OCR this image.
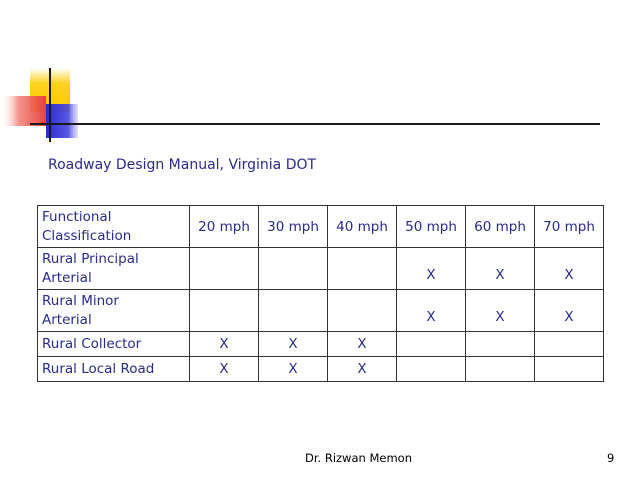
Roadway Design Manual, Virginia DOT
Functional
Classification	20 mph	30 mph	40 mph	50 mph	60 mph	70 mph
Rural Principal
Arterial				X	X	X
Rural Minor
Arterial				X	X	X
Rural Collector	X	X	X			
Rural Local Road	X	X	X			
Dr. Rizwan Memon	9
